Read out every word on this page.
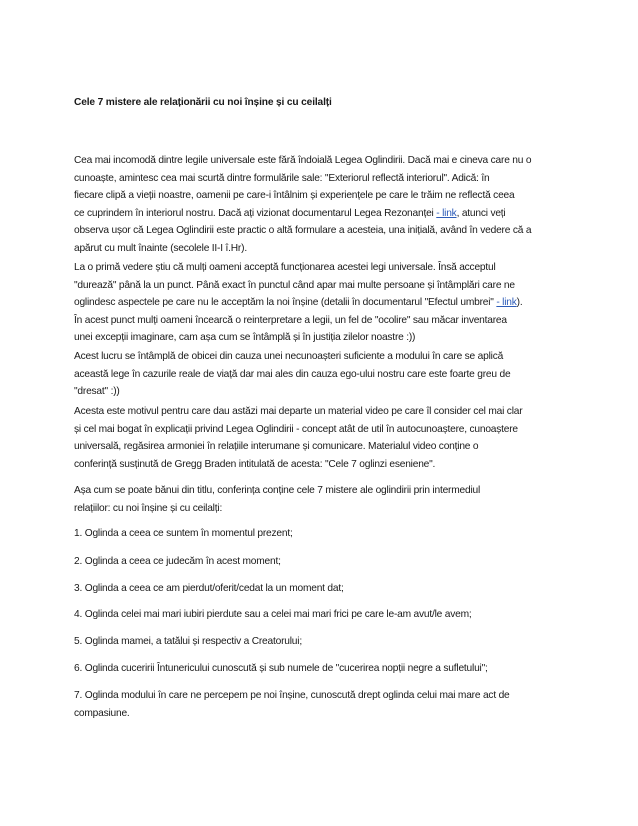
Cele 7 mistere ale relaționării cu noi înșine și cu ceilalți

Cea mai incomodă dintre legile universale este fără îndoială Legea Oglindirii. Dacă mai e cineva care nu o
cunoaște, amintesc cea mai scurtă dintre formulările sale: "Exteriorul reflectă interiorul". Adică: în
fiecare clipă a vieții noastre, oamenii pe care-i întâlnim și experiențele pe care le trăim ne reflectă ceea
ce cuprindem în interiorul nostru. Dacă ați vizionat documentarul Legea Rezonanței - link, atunci veți
observa ușor că Legea Oglindirii este practic o altă formulare a acesteia, una inițială, având în vedere că a
apărut cu mult înainte (secolele II-I î.Hr).

La o primă vedere știu că mulți oameni acceptă funcționarea acestei legi universale. Însă acceptul
"durează" până la un punct. Până exact în punctul când apar mai multe persoane și întâmplări care ne
oglindesc aspectele pe care nu le acceptăm la noi înșine (detalii în documentarul "Efectul umbrei" - link).
În acest punct mulți oameni încearcă o reinterpretare a legii, un fel de "ocolire" sau măcar inventarea
unei excepții imaginare, cam așa cum se întâmplă și în justiția zilelor noastre :))

Acest lucru se întâmplă de obicei din cauza unei necunoașteri suficiente a modului în care se aplică
această lege în cazurile reale de viață dar mai ales din cauza ego-ului nostru care este foarte greu de
"dresat" :))

Acesta este motivul pentru care dau astăzi mai departe un material video pe care îl consider cel mai clar
și cel mai bogat în explicații privind Legea Oglindirii - concept atât de util în autocunoaștere, cunoaștere
universală, regăsirea armoniei în relațiile interumane și comunicare. Materialul video conține o
conferință susținută de Gregg Braden intitulată de acesta: "Cele 7 oglinzi eseniene".

Așa cum se poate bănui din titlu, conferința conține cele 7 mistere ale oglindirii prin intermediul
relațiilor: cu noi înșine și cu ceilalți:

1. Oglinda a ceea ce suntem în momentul prezent;

2. Oglinda a ceea ce judecăm în acest moment;

3. Oglinda a ceea ce am pierdut/oferit/cedat la un moment dat;

4. Oglinda celei mai mari iubiri pierdute sau a celei mai mari frici pe care le-am avut/le avem;

5. Oglinda mamei, a tatălui și respectiv a Creatorului;

6. Oglinda cuceririi Întunericului cunoscută și sub numele de "cucerirea nopții negre a sufletului";

7. Oglinda modului în care ne percepem pe noi înșine, cunoscută drept oglinda celui mai mare act de
compasiune.
